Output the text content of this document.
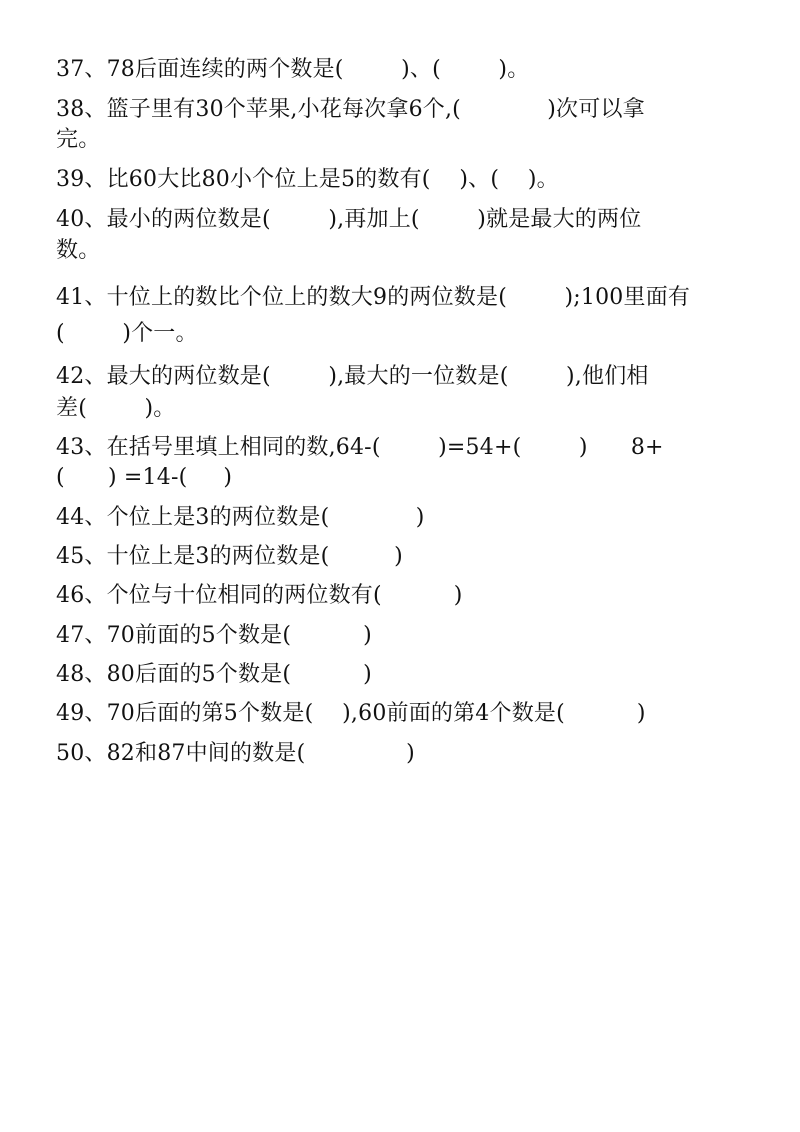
37、78后面连续的两个数是(        )、(        )。
38、篮子里有30个苹果,小花每次拿6个,(            )次可以拿
完。
39、比60大比80小个位上是5的数有(    )、(    )。
40、最小的两位数是(        ),再加上(        )就是最大的两位
数。
41、十位上的数比个位上的数大9的两位数是(        );100里面有
(        )个一。
42、最大的两位数是(        ),最大的一位数是(        ),他们相
差(        )。
43、在括号里填上相同的数,64-(        )=54+(        )      8+
(      ) =14-(     )
44、个位上是3的两位数是(            )
45、十位上是3的两位数是(         )
46、个位与十位相同的两位数有(          )
47、70前面的5个数是(          )
48、80后面的5个数是(          )
49、70后面的第5个数是(    ),60前面的第4个数是(          )
50、82和87中间的数是(              )
